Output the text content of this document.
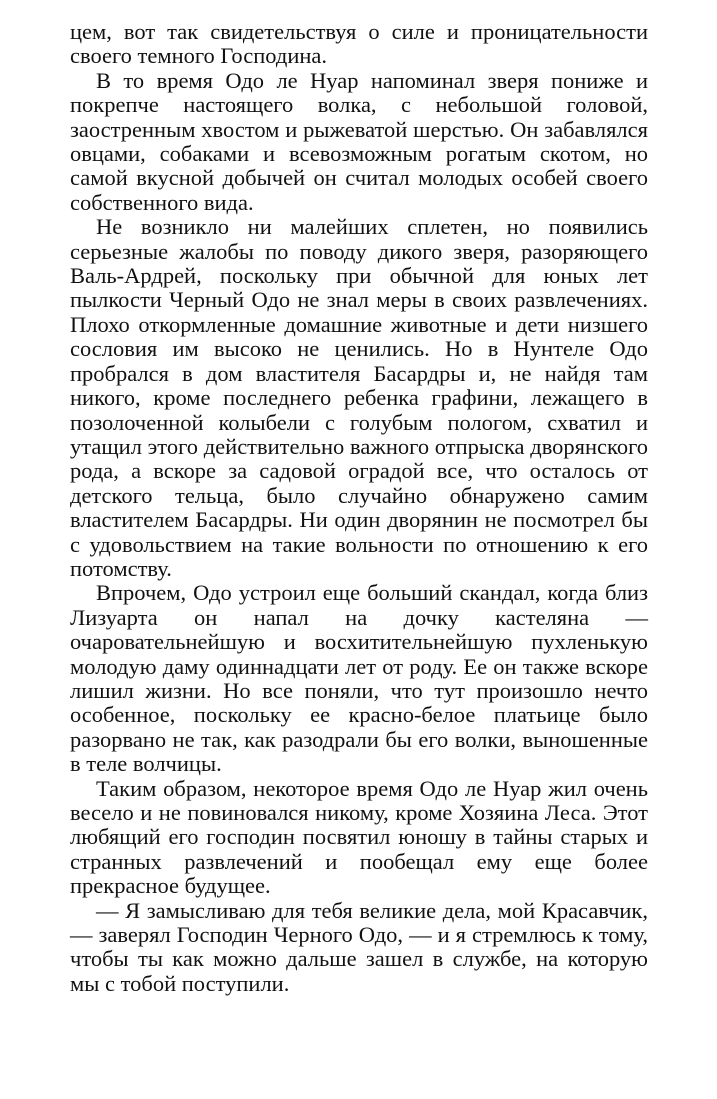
цем, вот так свидетельствуя о силе и проницательности своего темного Господина.

В то время Одо ле Нуар напоминал зверя пониже и покрепче настоящего волка, с небольшой головой, заостренным хвостом и рыжеватой шерстью. Он забавлялся овцами, собаками и всевозможным рогатым скотом, но самой вкусной добычей он считал молодых особей своего собственного вида.

Не возникло ни малейших сплетен, но появились серьезные жалобы по поводу дикого зверя, разоряющего Валь-Ардрей, поскольку при обычной для юных лет пылкости Черный Одо не знал меры в своих развлечениях. Плохо откормленные домашние животные и дети низшего сословия им высоко не ценились. Но в Нунтеле Одо пробрался в дом властителя Басардры и, не найдя там никого, кроме последнего ребенка графини, лежащего в позолоченной колыбели с голубым пологом, схватил и утащил этого действительно важного отпрыска дворянского рода, а вскоре за садовой оградой все, что осталось от детского тельца, было случайно обнаружено самим властителем Басардры. Ни один дворянин не посмотрел бы с удовольствием на такие вольности по отношению к его потомству.

Впрочем, Одо устроил еще больший скандал, когда близ Лизуарта он напал на дочку кастеляна — очаровательнейшую и восхитительнейшую пухленькую молодую даму одиннадцати лет от роду. Ее он также вскоре лишил жизни. Но все поняли, что тут произошло нечто особенное, поскольку ее красно-белое платьице было разорвано не так, как разодрали бы его волки, выношенные в теле волчицы.

Таким образом, некоторое время Одо ле Нуар жил очень весело и не повиновался никому, кроме Хозяина Леса. Этот любящий его господин посвятил юношу в тайны старых и странных развлечений и пообещал ему еще более прекрасное будущее.

— Я замысливаю для тебя великие дела, мой Красавчик, — заверял Господин Черного Одо, — и я стремлюсь к тому, чтобы ты как можно дальше зашел в службе, на которую мы с тобой поступили.
